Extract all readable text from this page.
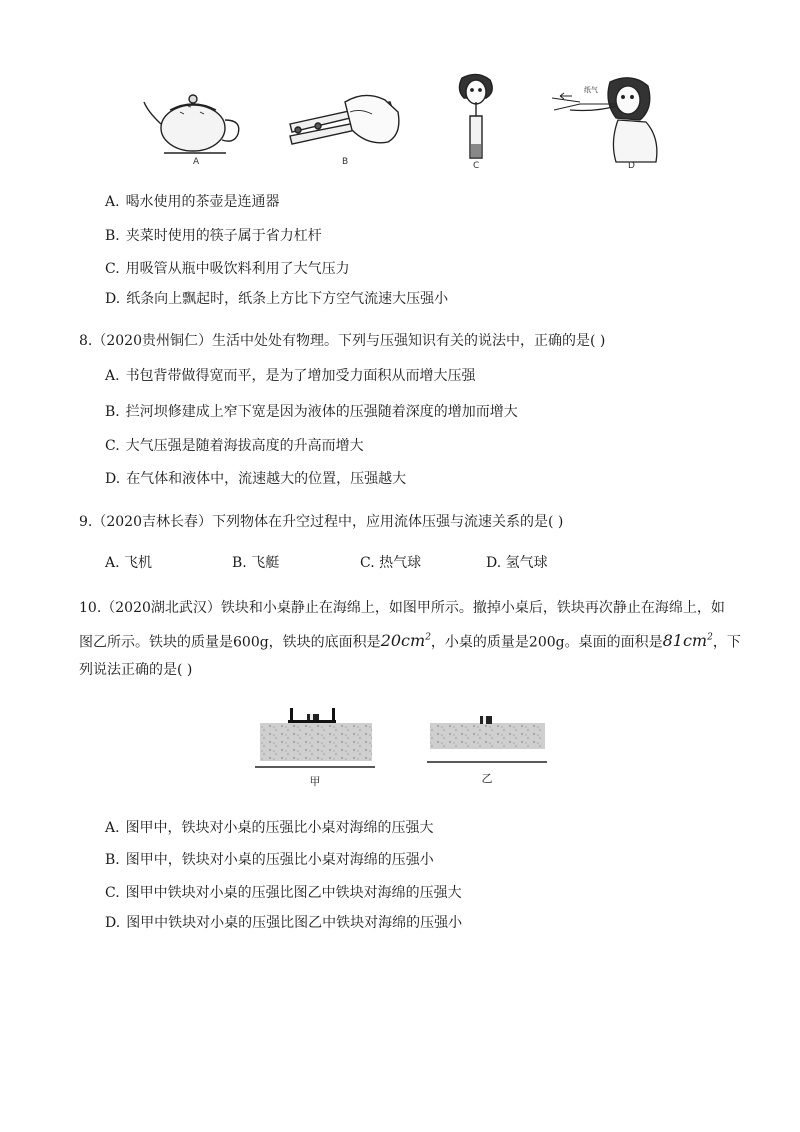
A	B	C	D
纸气
A. 喝水使用的茶壶是连通器
B. 夹菜时使用的筷子属于省力杠杆
C. 用吸管从瓶中吸饮料利用了大气压力
D. 纸条向上飘起时，纸条上方比下方空气流速大压强小
8.（2020贵州铜仁）生活中处处有物理。下列与压强知识有关的说法中，正确的是( )
A. 书包背带做得宽而平，是为了增加受力面积从而增大压强
B. 拦河坝修建成上窄下宽是因为液体的压强随着深度的增加而增大
C. 大气压强是随着海拔高度的升高而增大
D. 在气体和液体中，流速越大的位置，压强越大
9.（2020吉林长春）下列物体在升空过程中，应用流体压强与流速关系的是( )
A. 飞机	B. 飞艇	C. 热气球	D. 氢气球
10.（2020湖北武汉）铁块和小桌静止在海绵上，如图甲所示。撤掉小桌后，铁块再次静止在海绵上，如
图乙所示。铁块的质量是600g，铁块的底面积是$20cm^2$，小桌的质量是200g。桌面的面积是$81cm^2$，下
列说法正确的是( )
甲	乙
A. 图甲中，铁块对小桌的压强比小桌对海绵的压强大
B. 图甲中，铁块对小桌的压强比小桌对海绵的压强小
C. 图甲中铁块对小桌的压强比图乙中铁块对海绵的压强大
D. 图甲中铁块对小桌的压强比图乙中铁块对海绵的压强小
